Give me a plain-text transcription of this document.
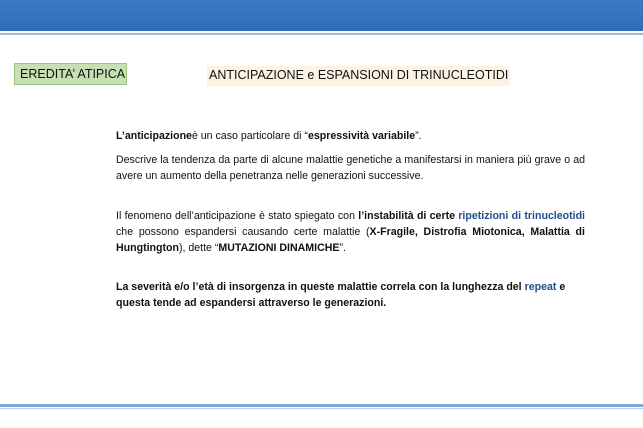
EREDITA’ ATIPICA	ANTICIPAZIONE e ESPANSIONI DI TRINUCLEOTIDI

L’anticipazioneè un caso particolare di “espressività variabile”.

Descrive la tendenza da parte di alcune malattie genetiche a manifestarsi in maniera più grave o ad avere un aumento della penetranza nelle generazioni successive.

Il fenomeno dell’anticipazione è stato spiegato con l’instabilità di certe ripetizioni di trinucleotidi che possono espandersi causando certe malattie (X-Fragile, Distrofia Miotonica, Malattia di Hungtington), dette “MUTAZIONI DINAMICHE”.

La severità e/o l’età di insorgenza in queste malattie correla con la lunghezza del repeat e questa tende ad espandersi attraverso le generazioni.
